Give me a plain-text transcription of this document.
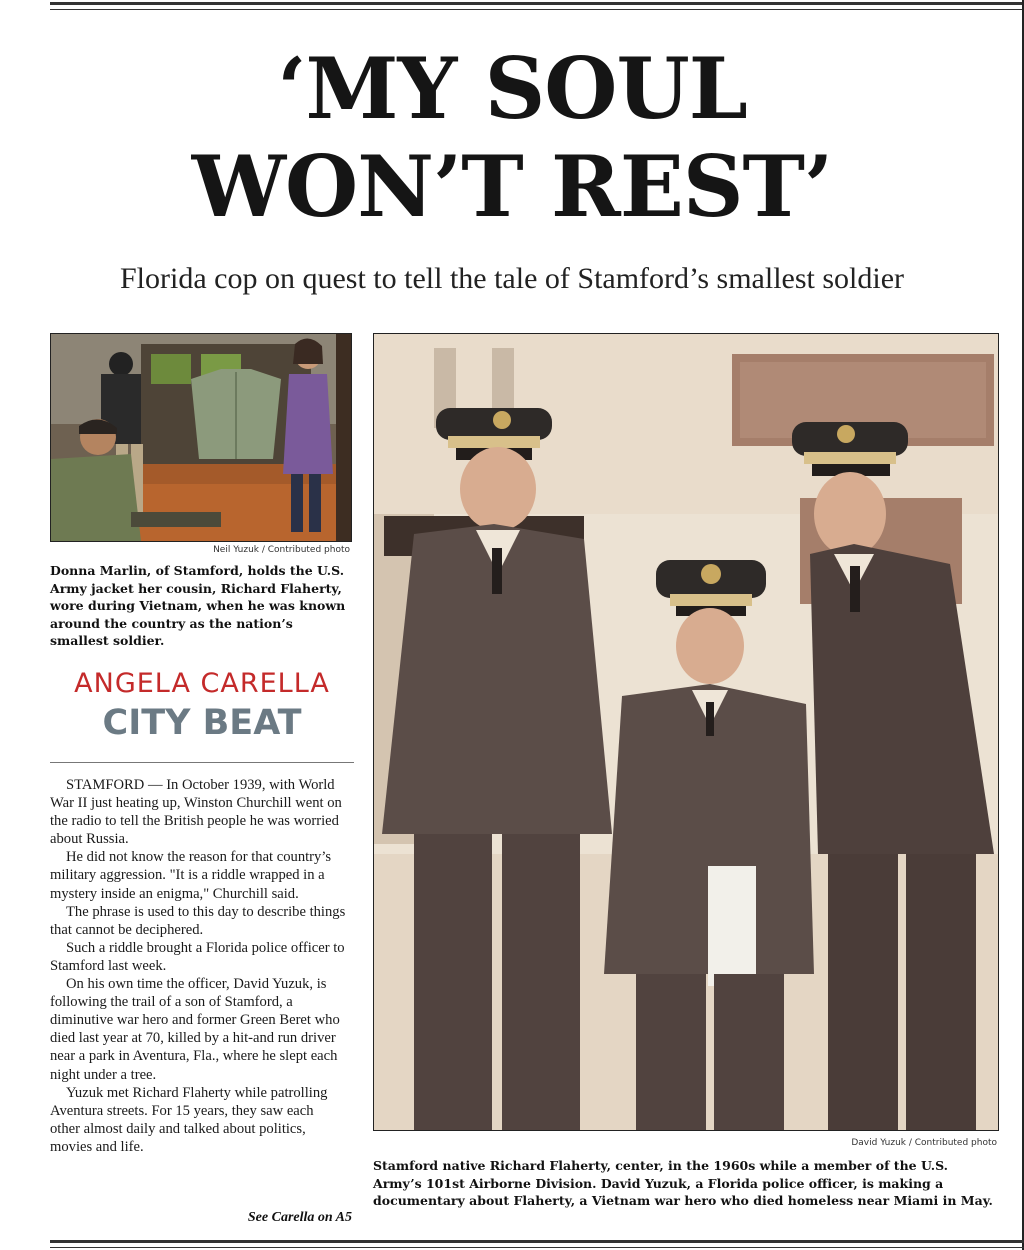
‘MY SOUL
WON’T REST’
Florida cop on quest to tell the tale of Stamford’s smallest soldier
Neil Yuzuk / Contributed photo
Donna Marlin, of Stamford, holds the U.S. Army jacket her cousin, Richard Flaherty, wore during Vietnam, when he was known around the country as the nation’s smallest soldier.
David Yuzuk / Contributed photo
Stamford native Richard Flaherty, center, in the 1960s while a member of the U.S. Army’s 101st Airborne Division. David Yuzuk, a Florida police officer, is making a documentary about Flaherty, a Vietnam war hero who died homeless near Miami in May.
ANGELA CARELLA
CITY BEAT

STAMFORD — In October 1939, with World War II just heating up, Winston Churchill went on the radio to tell the British people he was worried about Russia.

He did not know the reason for that country’s military aggression. "It is a riddle wrapped in a mystery inside an enigma," Churchill said.

The phrase is used to this day to describe things that cannot be deciphered.

Such a riddle brought a Florida police officer to Stamford last week.

On his own time the officer, David Yuzuk, is following the trail of a son of Stamford, a diminutive war hero and former Green Beret who died last year at 70, killed by a hit-and run driver near a park in Aventura, Fla., where he slept each night under a tree.

Yuzuk met Richard Flaherty while patrolling Aventura streets. For 15 years, they saw each other almost daily and talked about politics, movies and life.

See Carella on A5
